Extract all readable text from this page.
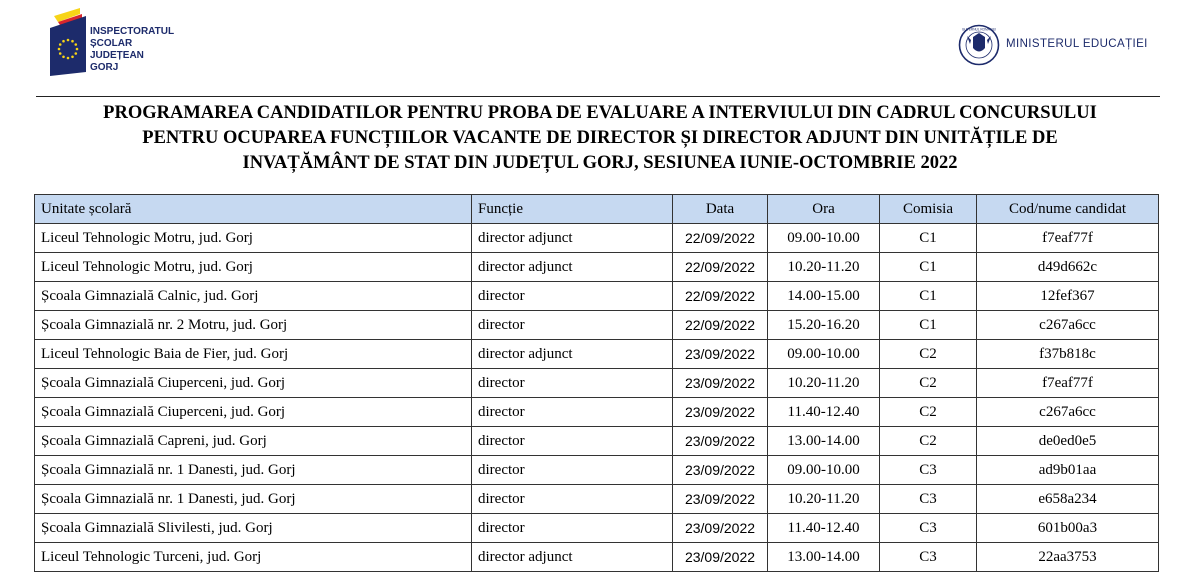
INSPECTORATUL
ȘCOLAR
JUDEȚEAN
GORJ
GUVERNUL ROMÂNIEI
MINISTERUL EDUCAȚIEI
PROGRAMAREA CANDIDATILOR PENTRU PROBA DE EVALUARE A INTERVIULUI DIN CADRUL CONCURSULUI
PENTRU OCUPAREA FUNCȚIILOR VACANTE DE DIRECTOR ȘI DIRECTOR ADJUNT DIN UNITĂȚILE DE
INVAȚĂMÂNT DE STAT DIN JUDEȚUL GORJ, SESIUNEA IUNIE-OCTOMBRIE 2022
Unitate școlară	Funcție	Data	Ora	Comisia	Cod/nume candidat
Liceul Tehnologic Motru, jud. Gorj	director adjunct	22/09/2022	09.00-10.00	C1	f7eaf77f
Liceul Tehnologic Motru, jud. Gorj	director adjunct	22/09/2022	10.20-11.20	C1	d49d662c
Școala Gimnazială Calnic, jud. Gorj	director	22/09/2022	14.00-15.00	C1	12fef367
Școala Gimnazială nr. 2 Motru, jud. Gorj	director	22/09/2022	15.20-16.20	C1	c267a6cc
Liceul Tehnologic Baia de Fier, jud. Gorj	director adjunct	23/09/2022	09.00-10.00	C2	f37b818c
Școala Gimnazială Ciuperceni, jud. Gorj	director	23/09/2022	10.20-11.20	C2	f7eaf77f
Școala Gimnazială Ciuperceni, jud. Gorj	director	23/09/2022	11.40-12.40	C2	c267a6cc
Școala Gimnazială Capreni, jud. Gorj	director	23/09/2022	13.00-14.00	C2	de0ed0e5
Școala Gimnazială nr. 1 Danesti, jud. Gorj	director	23/09/2022	09.00-10.00	C3	ad9b01aa
Școala Gimnazială nr. 1 Danesti, jud. Gorj	director	23/09/2022	10.20-11.20	C3	e658a234
Școala Gimnazială Slivilesti, jud. Gorj	director	23/09/2022	11.40-12.40	C3	601b00a3
Liceul Tehnologic Turceni, jud. Gorj	director adjunct	23/09/2022	13.00-14.00	C3	22aa3753
